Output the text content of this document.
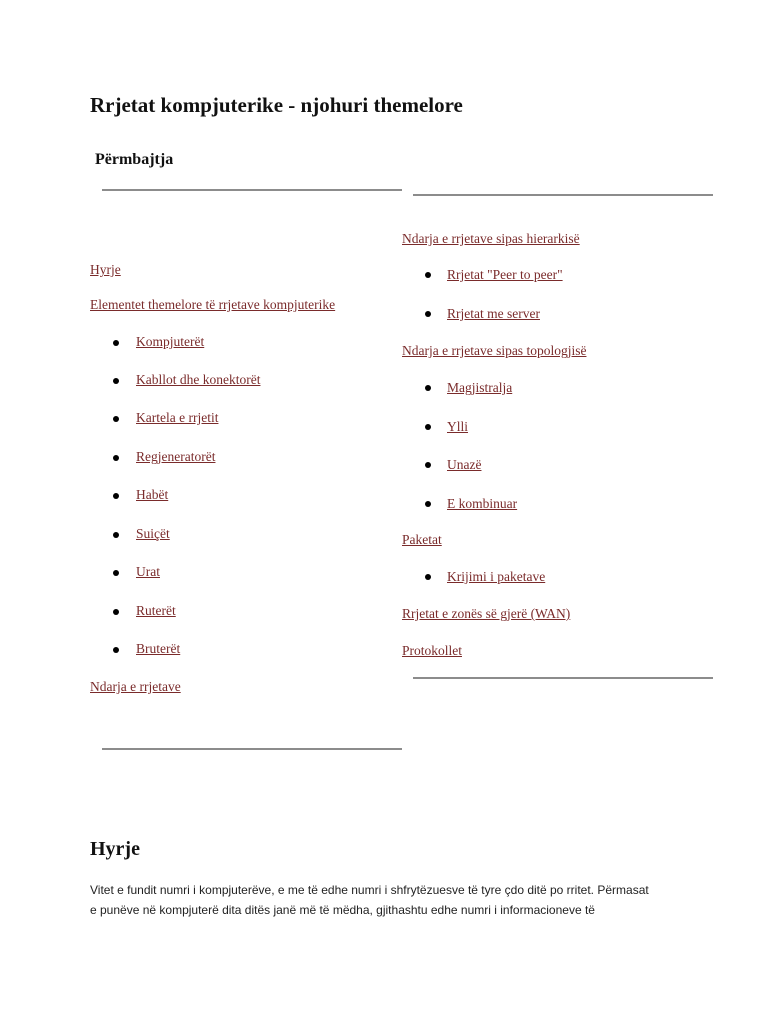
Rrjetat kompjuterike - njohuri themelore
Përmbajtja
Hyrje
Elementet themelore të rrjetave kompjuterike
Kompjuterët
Kabllot dhe konektorët
Kartela e rrjetit
Regjeneratorët
Habët
Suiçët
Urat
Ruterët
Bruterët
Ndarja e rrjetave
Ndarja e rrjetave sipas hierarkisë
Rrjetat "Peer to peer"
Rrjetat me server
Ndarja e rrjetave sipas topologjisë
Magjistralja
Ylli
Unazë
E kombinuar
Paketat
Krijimi i paketave
Rrjetat e zonës së gjerë (WAN)
Protokollet
Hyrje

Vitet e fundit numri i kompjuterëve, e me të edhe numri i shfrytëzuesve të tyre çdo ditë po rritet. Përmasat
e punëve në kompjuterë dita ditës janë më të mëdha, gjithashtu edhe numri i informacioneve të
